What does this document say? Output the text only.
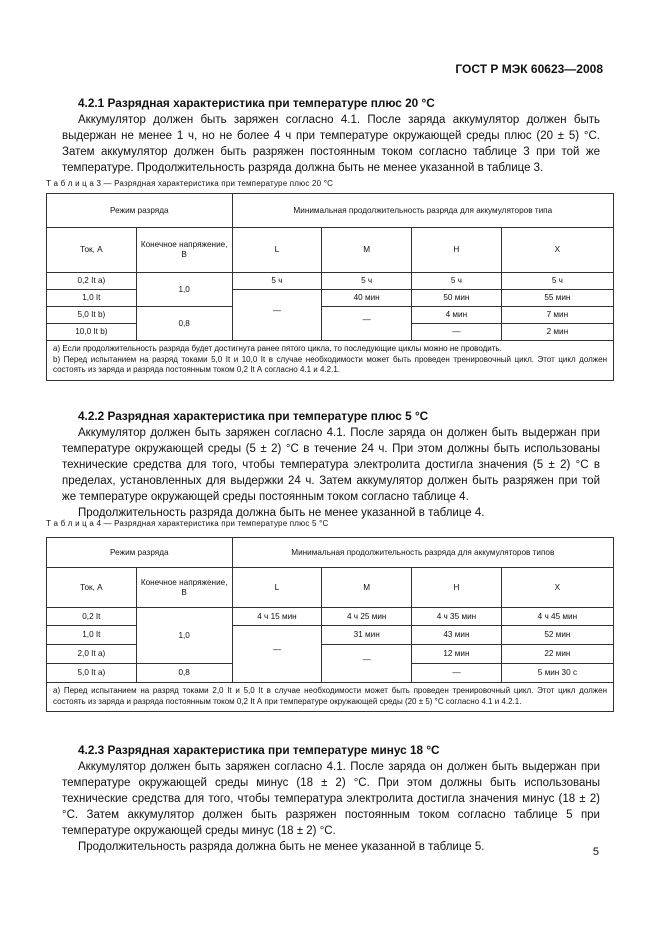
ГОСТ Р МЭК 60623—2008
4.2.1 Разрядная характеристика при температуре плюс 20 °С

Аккумулятор должен быть заряжен согласно 4.1. После заряда аккумулятор должен быть выдержан не менее 1 ч, но не более 4 ч при температуре окружающей среды плюс (20 ± 5) °С. Затем аккумулятор должен быть разряжен постоянным током согласно таблице 3 при той же температуре. Продолжительность разряда должна быть не менее указанной в таблице 3.

Т а б л и ц а 3 — Разрядная характеристика при температуре плюс 20 °С
Режим разряда		Минимальная продолжительность разряда для аккумуляторов типа			
Ток, А	Конечное напряжение, В	L	M	H	X
0,2 It a)	1,0	5 ч	5 ч	5 ч	5 ч
1,0 It		—	40 мин	50 мин	55 мин
5,0 It b)	0,8		—	4 мин	7 мин
10,0 It b)				—	2 мин

a) Если продолжительность разряда будет достигнута ранее пятого цикла, то последующие циклы можно не проводить.
b) Перед испытанием на разряд токами 5,0 It и 10,0 It в случае необходимости может быть проведен тренировочный цикл. Этот цикл должен состоять из заряда и разряда постоянным током 0,2 It А согласно 4.1 и 4.2.1.					
4.2.2 Разрядная характеристика при температуре плюс 5 °С

Аккумулятор должен быть заряжен согласно 4.1. После заряда он должен быть выдержан при температуре окружающей среды (5 ± 2) °С в течение 24 ч. При этом должны быть использованы технические средства для того, чтобы температура электролита достигла значения (5 ± 2) °С в пределах, установленных для выдержки 24 ч. Затем аккумулятор должен быть разряжен при той же температуре окружающей среды постоянным током согласно таблице 4.

Продолжительность разряда должна быть не менее указанной в таблице 4.

Т а б л и ц а 4 — Разрядная характеристика при температуре плюс 5 °С
Режим разряда		Минимальная продолжительность разряда для аккумуляторов типов			
Ток, А	Конечное напряжение, В	L	M	H	X
0,2 It	1,0	4 ч 15 мин	4 ч 25 мин	4 ч 35 мин	4 ч 45 мин
1,0 It		—	31 мин	43 мин	52 мин
2,0 It a)			—	12 мин	22 мин
5,0 It a)	0,8			—	5 мин 30 с

a) Перед испытанием на разряд токами 2,0 It и 5,0 It в случае необходимости может быть проведен тренировочный цикл. Этот цикл должен состоять из заряда и разряда постоянным током 0,2 It А при температуре окружающей среды (20 ± 5) °С согласно 4.1 и 4.2.1.					
4.2.3 Разрядная характеристика при температуре минус 18 °С

Аккумулятор должен быть заряжен согласно 4.1. После заряда он должен быть выдержан при температуре окружающей среды минус (18 ± 2) °С. При этом должны быть использованы технические средства для того, чтобы температура электролита достигла значения минус (18 ± 2) °С. Затем аккумулятор должен быть разряжен постоянным током согласно таблице 5 при температуре окружающей среды минус (18 ± 2) °С.

Продолжительность разряда должна быть не менее указанной в таблице 5.	5
